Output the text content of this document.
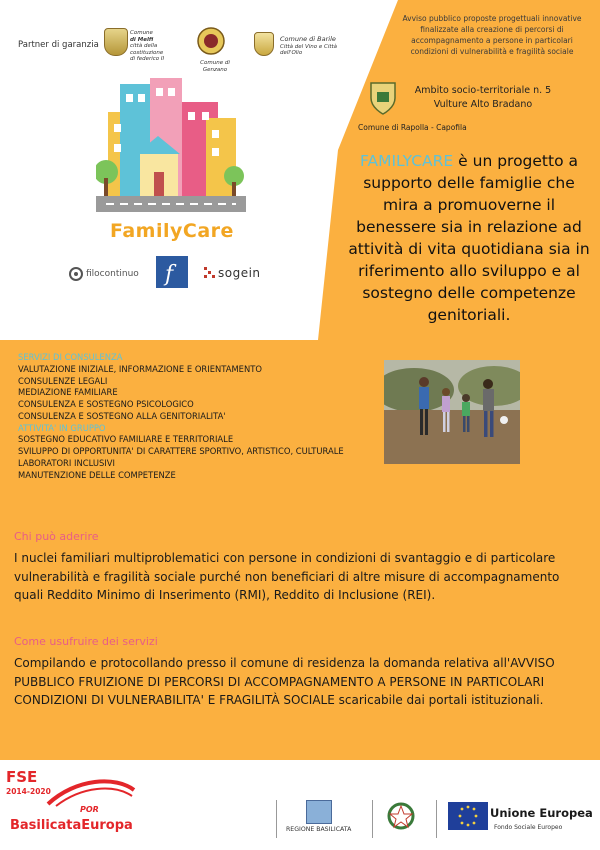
Partner di garanzia
Comune
di Melfi
città della costituzione
di federico II
Comune di Genzano
Comune di Barile
Città del Vino e Città dell'Olio
Avviso pubblico proposte progettuali innovative finalizzate alla creazione di percorsi di accompagnamento a persone in particolari condizioni di vulnerabilità e fragilità sociale
Ambito socio-territoriale n. 5
Vulture Alto Bradano
Comune di Rapolla - Capofila
FamilyCare
filocontinuo f	sogein
FAMILYCARE è un progetto a supporto delle famiglie che mira a promuoverne il benessere sia in relazione ad attività di vita quotidiana sia in riferimento allo sviluppo e al sostegno delle competenze genitoriali.
SERVIZI DI CONSULENZA
VALUTAZIONE INIZIALE, INFORMAZIONE E ORIENTAMENTO
CONSULENZE LEGALI
MEDIAZIONE FAMILIARE
CONSULENZA E SOSTEGNO PSICOLOGICO
CONSULENZA E SOSTEGNO ALLA GENITORIALITA'
ATTIVITA' IN GRUPPO
SOSTEGNO EDUCATIVO FAMILIARE E TERRITORIALE
SVILUPPO DI OPPORTUNITA' DI CARATTERE SPORTIVO, ARTISTICO, CULTURALE
LABORATORI INCLUSIVI
MANUTENZIONE DELLE COMPETENZE
Chi può aderire
I nuclei familiari multiproblematici con persone in condizioni di svantaggio e di particolare vulnerabilità e fragilità sociale purché non beneficiari di altre misure di accompagnamento quali Reddito Minimo di Inserimento (RMI), Reddito di Inclusione (REI).
Come usufruire dei servizi
Compilando e protocollando presso il comune di residenza la domanda relativa all'AVVISO PUBBLICO FRUIZIONE DI PERCORSI DI ACCOMPAGNAMENTO A PERSONE IN PARTICOLARI CONDIZIONI DI VULNERABILITA' E FRAGILITÀ SOCIALE scaricabile dai portali istituzionali.
FSE
2014-2020
POR
BasilicataEuropa	REGIONE BASILICATA
Unione Europea
Fondo Sociale Europeo
